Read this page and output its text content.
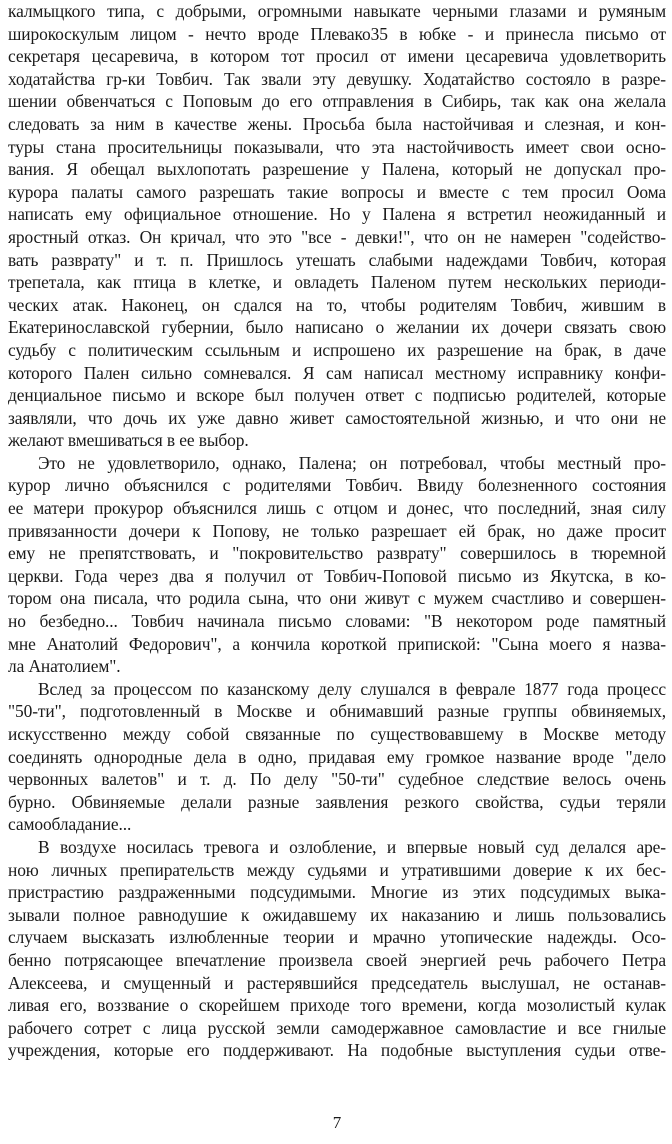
калмыцкого типа, с добрыми, огромными навыкате черными глазами и румяным
широкоскулым лицом - нечто вроде Плевако35 в юбке - и принесла письмо от
секретаря цесаревича, в котором тот просил от имени цесаревича удовлетворить
ходатайства гр-ки Товбич. Так звали эту девушку. Ходатайство состояло в разре-
шении обвенчаться с Поповым до его отправления в Сибирь, так как она желала
следовать за ним в качестве жены. Просьба была настойчивая и слезная, и кон-
туры стана просительницы показывали, что эта настойчивость имеет свои осно-
вания. Я обещал выхлопотать разрешение у Палена, который не допускал про-
курора палаты самого разрешать такие вопросы и вместе с тем просил Оома
написать ему официальное отношение. Но у Палена я встретил неожиданный и
яростный отказ. Он кричал, что это "все - девки!", что он не намерен "содейство-
вать разврату" и т. п. Пришлось утешать слабыми надеждами Товбич, которая
трепетала, как птица в клетке, и овладеть Паленом путем нескольких периоди-
ческих атак. Наконец, он сдался на то, чтобы родителям Товбич, жившим в
Екатеринославской губернии, было написано о желании их дочери связать свою
судьбу с политическим ссыльным и испрошено их разрешение на брак, в даче
которого Пален сильно сомневался. Я сам написал местному исправнику конфи-
денциальное письмо и вскоре был получен ответ с подписью родителей, которые
заявляли, что дочь их уже давно живет самостоятельной жизнью, и что они не
желают вмешиваться в ее выбор.
Это не удовлетворило, однако, Палена; он потребовал, чтобы местный про-
курор лично объяснился с родителями Товбич. Ввиду болезненного состояния
ее матери прокурор объяснился лишь с отцом и донес, что последний, зная силу
привязанности дочери к Попову, не только разрешает ей брак, но даже просит
ему не препятствовать, и "покровительство разврату" совершилось в тюремной
церкви. Года через два я получил от Товбич-Поповой письмо из Якутска, в ко-
тором она писала, что родила сына, что они живут с мужем счастливо и совершен-
но безбедно... Товбич начинала письмо словами: "В некотором роде памятный
мне Анатолий Федорович", а кончила короткой припиской: "Сына моего я назва-
ла Анатолием".
Вслед за процессом по казанскому делу слушался в феврале 1877 года процесс
"50-ти", подготовленный в Москве и обнимавший разные группы обвиняемых,
искусственно между собой связанные по существовавшему в Москве методу
соединять однородные дела в одно, придавая ему громкое название вроде "дело
червонных валетов" и т. д. По делу "50-ти" судебное следствие велось очень
бурно. Обвиняемые делали разные заявления резкого свойства, судьи теряли
самообладание...
В воздухе носилась тревога и озлобление, и впервые новый суд делался аре-
ною личных препирательств между судьями и утратившими доверие к их бес-
пристрастию раздраженными подсудимыми. Многие из этих подсудимых выка-
зывали полное равнодушие к ожидавшему их наказанию и лишь пользовались
случаем высказать излюбленные теории и мрачно утопические надежды. Осо-
бенно потрясающее впечатление произвела своей энергией речь рабочего Петра
Алексеева, и смущенный и растерявшийся председатель выслушал, не останав-
ливая его, воззвание о скорейшем приходе того времени, когда мозолистый кулак
рабочего сотрет с лица русской земли самодержавное самовластие и все гнилые
учреждения, которые его поддерживают. На подобные выступления судьи отве-
7
